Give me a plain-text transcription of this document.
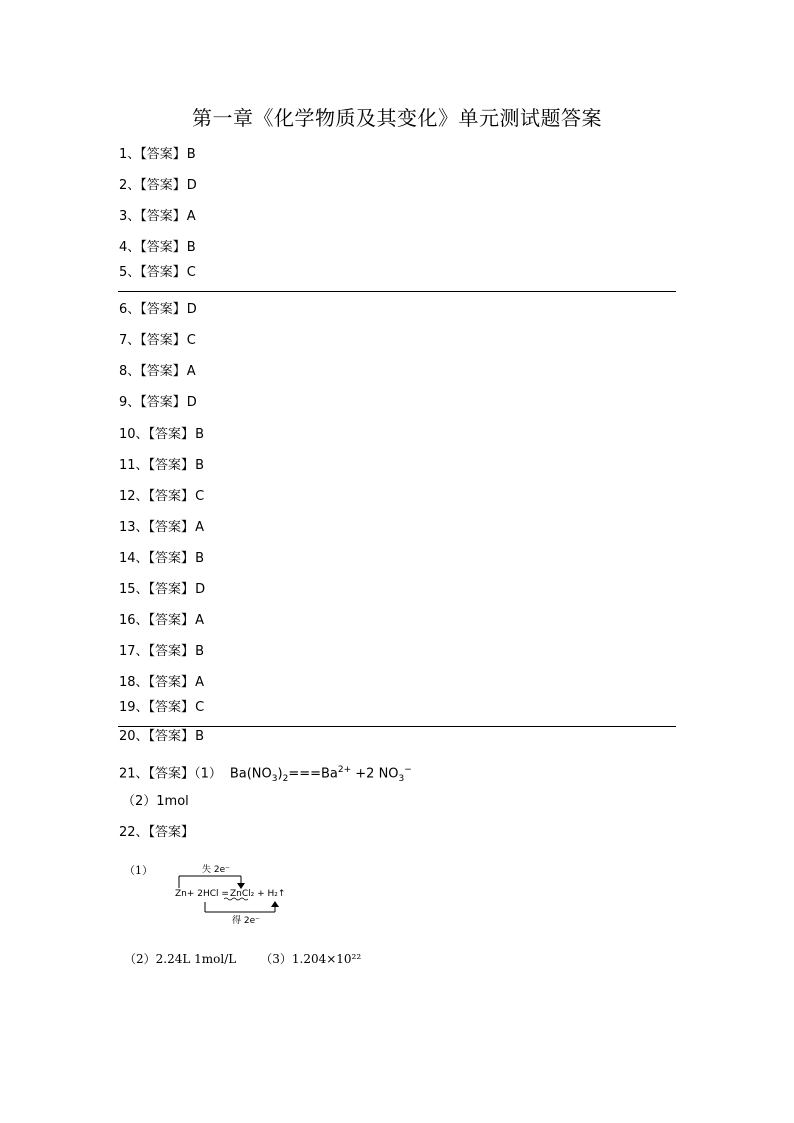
第一章《化学物质及其变化》单元测试题答案
1、【答案】B
2、【答案】D
3、【答案】A
4、【答案】B
5、【答案】C
6、【答案】D
7、【答案】C
8、【答案】A
9、【答案】D
10、【答案】B
11、【答案】B
12、【答案】C
13、【答案】A
14、【答案】B
15、【答案】D
16、【答案】A
17、【答案】B
18、【答案】A
19、【答案】C
20、【答案】B
21、【答案】（1） $Ba(NO_3)_2===Ba^{2+} +2$ $NO_3^-$
（2）1mol
22、【答案】
（1）	失 2e⁻
Zn+ 2HCl = ZnCl₂ + H₂↑
得 2e⁻
（2）2.24L 1mol/L （3）1.204×10²²
